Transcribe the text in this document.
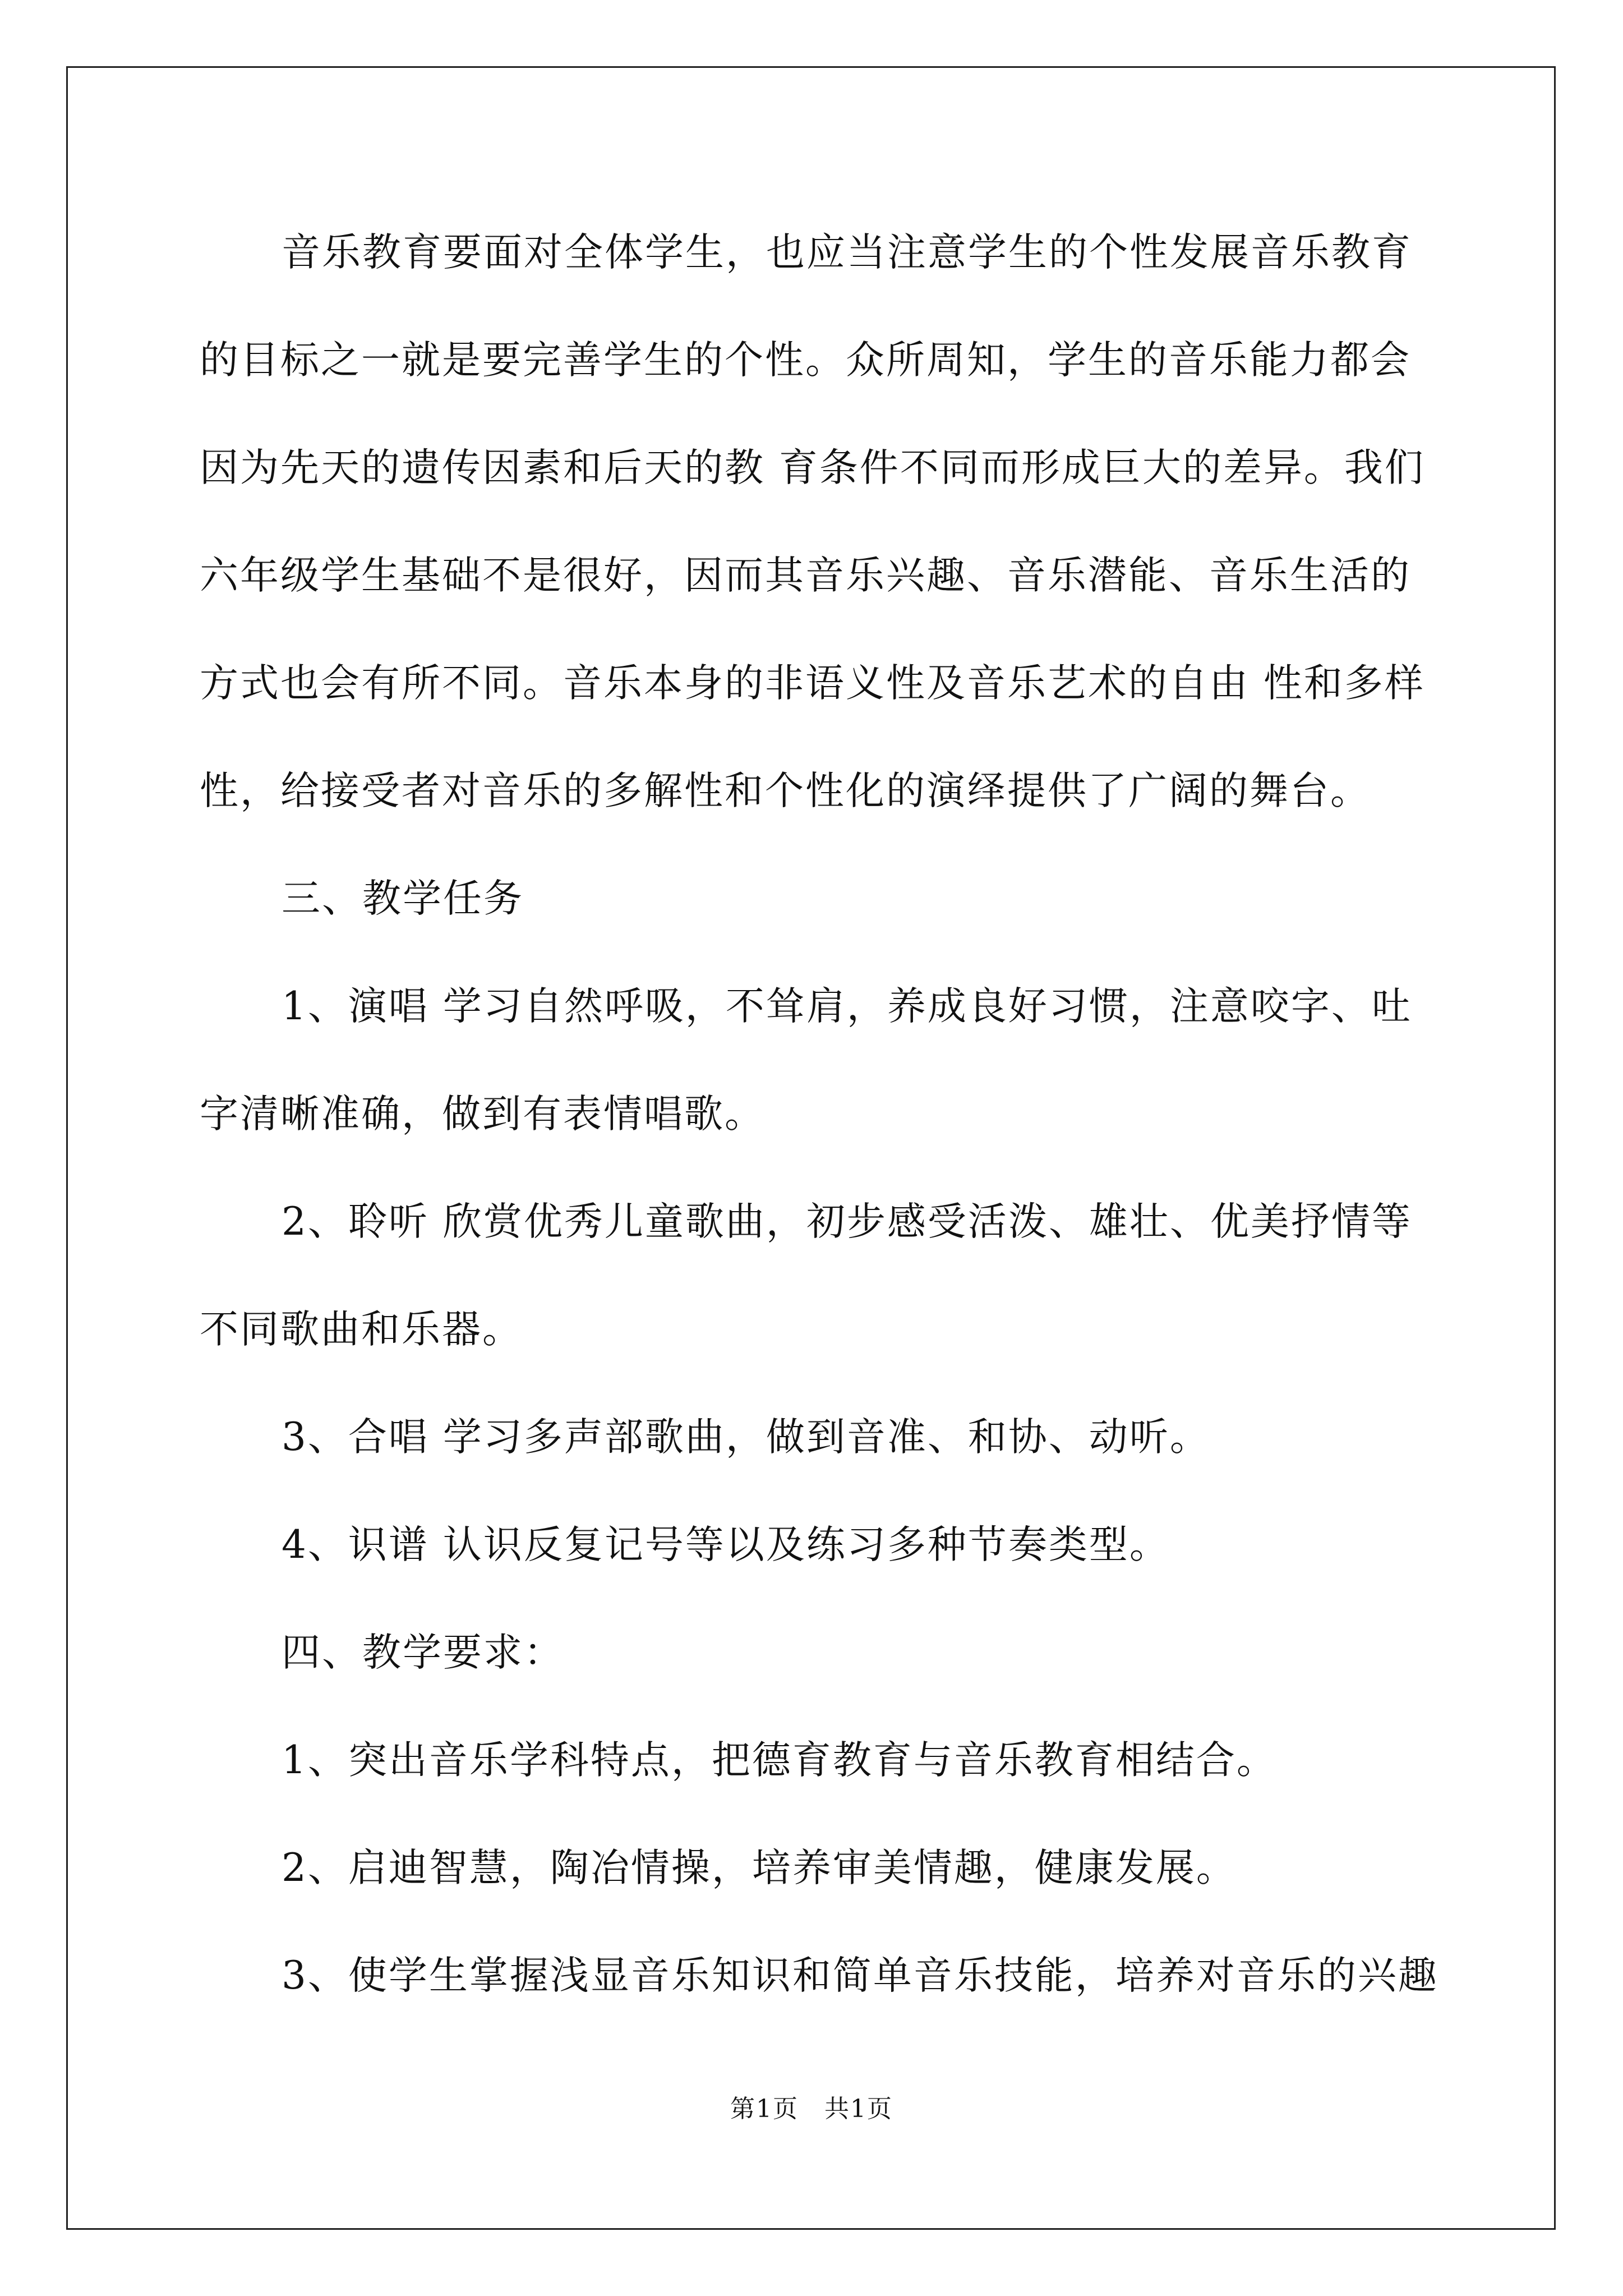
音乐教育要面对全体学生，也应当注意学生的个性发展音乐教育
的目标之一就是要完善学生的个性。众所周知，学生的音乐能力都会
因为先天的遗传因素和后天的教 育条件不同而形成巨大的差异。我们
六年级学生基础不是很好，因而其音乐兴趣、音乐潜能、音乐生活的
方式也会有所不同。音乐本身的非语义性及音乐艺术的自由 性和多样
性，给接受者对音乐的多解性和个性化的演绎提供了广阔的舞台。
三、教学任务
1、演唱 学习自然呼吸，不耸肩，养成良好习惯，注意咬字、吐
字清晰准确，做到有表情唱歌。
2、聆听 欣赏优秀儿童歌曲，初步感受活泼、雄壮、优美抒情等
不同歌曲和乐器。
3、合唱 学习多声部歌曲，做到音准、和协、动听。
4、识谱 认识反复记号等以及练习多种节奏类型。
四、教学要求：
1、突出音乐学科特点，把德育教育与音乐教育相结合。
2、启迪智慧，陶冶情操，培养审美情趣，健康发展。
3、使学生掌握浅显音乐知识和简单音乐技能，培养对音乐的兴趣
第1页　共1页
